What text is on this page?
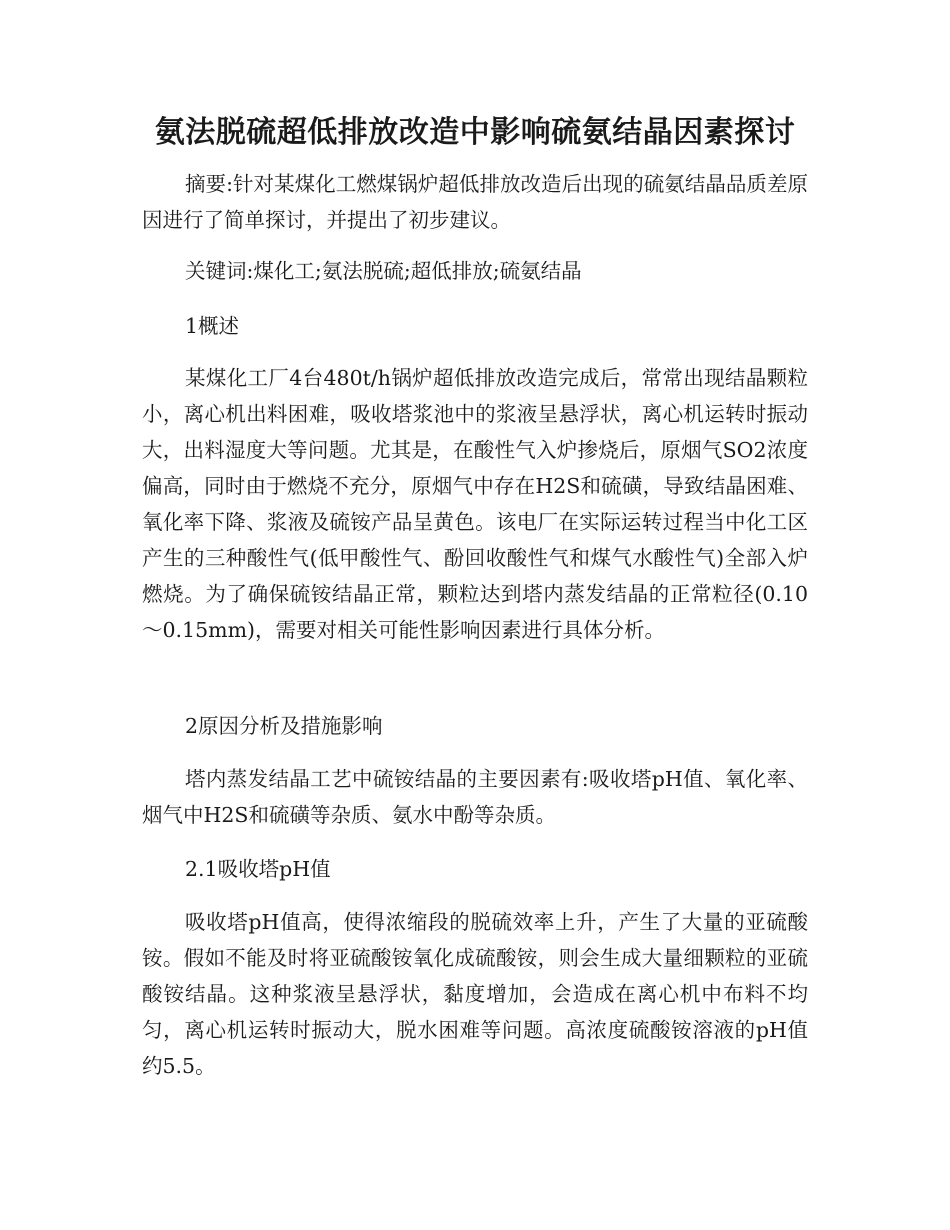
氨法脱硫超低排放改造中影响硫氨结晶因素探讨

摘要:针对某煤化工燃煤锅炉超低排放改造后出现的硫氨结晶品质差原因进行了简单探讨，并提出了初步建议。

关键词:煤化工;氨法脱硫;超低排放;硫氨结晶

1概述

某煤化工厂4台480t/h锅炉超低排放改造完成后，常常出现结晶颗粒小，离心机出料困难，吸收塔浆池中的浆液呈悬浮状，离心机运转时振动大，出料湿度大等问题。尤其是，在酸性气入炉掺烧后，原烟气SO2浓度偏高，同时由于燃烧不充分，原烟气中存在H2S和硫磺，导致结晶困难、氧化率下降、浆液及硫铵产品呈黄色。该电厂在实际运转过程当中化工区产生的三种酸性气(低甲酸性气、酚回收酸性气和煤气水酸性气)全部入炉燃烧。为了确保硫铵结晶正常，颗粒达到塔内蒸发结晶的正常粒径(0.10～0.15mm)，需要对相关可能性影响因素进行具体分析。

2原因分析及措施影响

塔内蒸发结晶工艺中硫铵结晶的主要因素有:吸收塔pH值、氧化率、烟气中H2S和硫磺等杂质、氨水中酚等杂质。

2.1吸收塔pH值

吸收塔pH值高，使得浓缩段的脱硫效率上升，产生了大量的亚硫酸铵。假如不能及时将亚硫酸铵氧化成硫酸铵，则会生成大量细颗粒的亚硫酸铵结晶。这种浆液呈悬浮状，黏度增加，会造成在离心机中布料不均匀，离心机运转时振动大，脱水困难等问题。高浓度硫酸铵溶液的pH值约5.5。
